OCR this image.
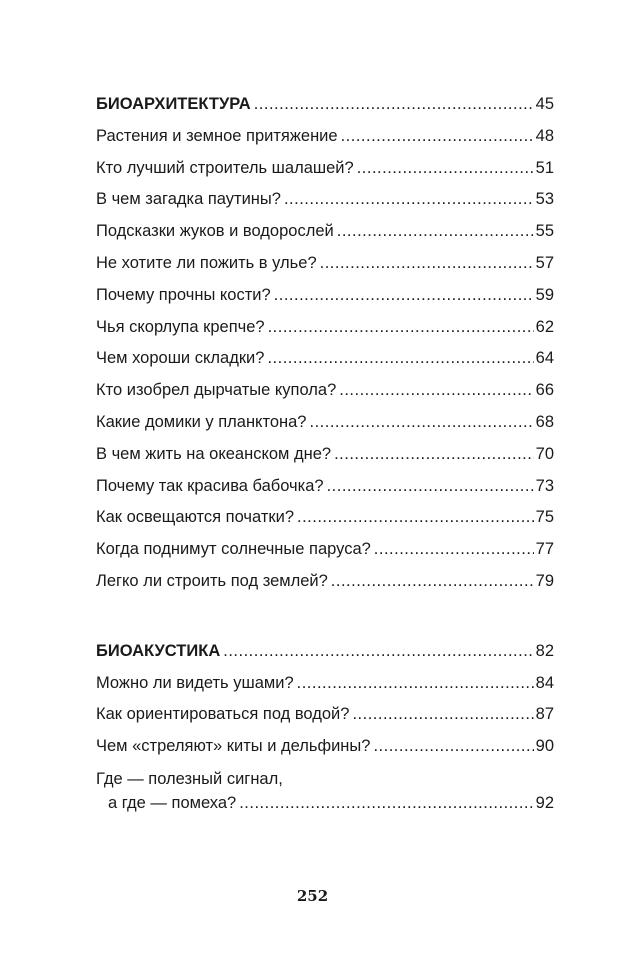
БИОАРХИТЕКТУРА .....	45
Растения и земное притяжение .....	48
Кто лучший строитель шалашей? .....	51
В чем загадка паутины? .....	53
Подсказки жуков и водорослей .....	55
Не хотите ли пожить в улье? .....	57
Почему прочны кости? .....	59
Чья скорлупа крепче? .....	62
Чем хороши складки? .....	64
Кто изобрел дырчатые купола? .....	66
Какие домики у планктона? .....	68
В чем жить на океанском дне? .....	70
Почему так красива бабочка? .....	73
Как освещаются початки? .....	75
Когда поднимут солнечные паруса? .....	77
Легко ли строить под землей? .....	79
БИОАКУСТИКА .....	82
Можно ли видеть ушами? .....	84
Как ориентироваться под водой? .....	87
Чем «стреляют» киты и дельфины? .....	90
Где — полезный сигнал,
а где — помеха? .....	92
252
